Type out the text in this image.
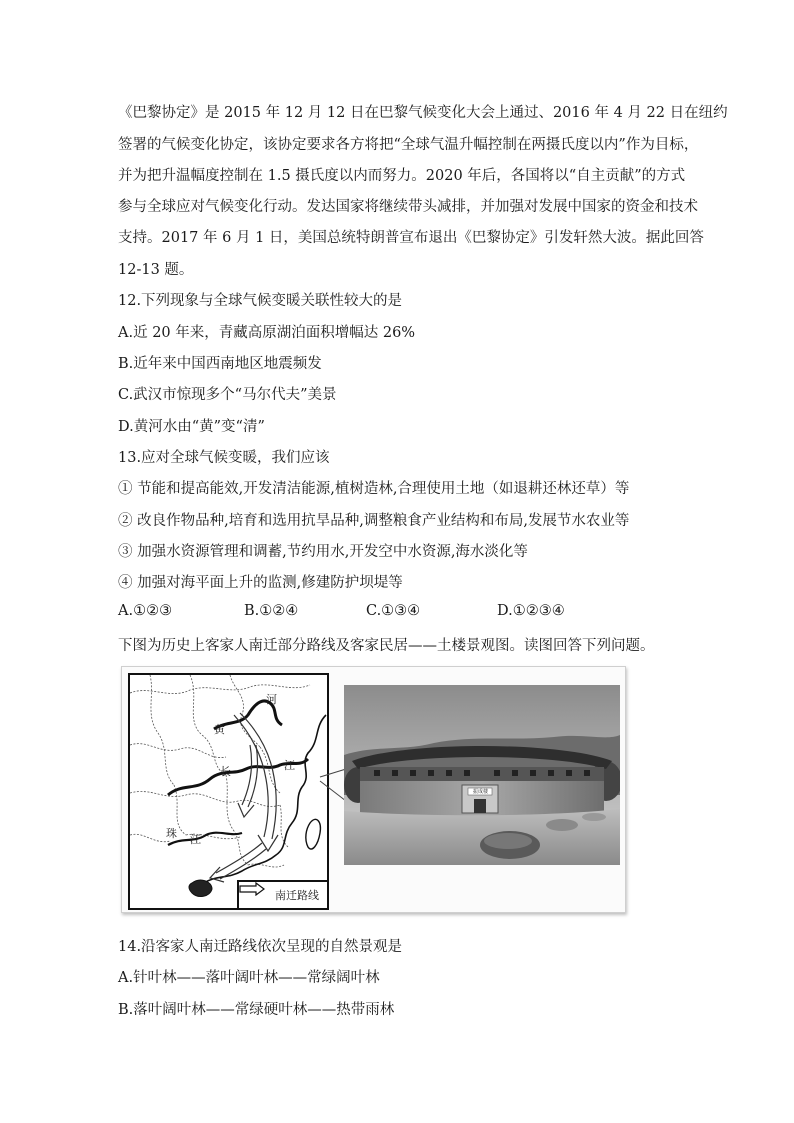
《巴黎协定》是 2015 年 12 月 12 日在巴黎气候变化大会上通过、2016 年 4 月 22 日在纽约
签署的气候变化协定，该协定要求各方将把“全球气温升幅控制在两摄氏度以内”作为目标，
并为把升温幅度控制在 1.5 摄氏度以内而努力。2020 年后，各国将以“自主贡献”的方式
参与全球应对气候变化行动。发达国家将继续带头减排，并加强对发展中国家的资金和技术
支持。2017 年 6 月 1 日，美国总统特朗普宣布退出《巴黎协定》引发轩然大波。据此回答
12-13 题。
12.下列现象与全球气候变暖关联性较大的是
A.近 20 年来，青藏高原湖泊面积增幅达 26%
B.近年来中国西南地区地震频发
C.武汉市惊现多个“马尔代夫”美景
D.黄河水由“黄”变“清”
13.应对全球气候变暖，我们应该
① 节能和提高能效,开发清洁能源,植树造林,合理使用土地（如退耕还林还草）等
② 改良作物品种,培育和选用抗旱品种,调整粮食产业结构和布局,发展节水农业等
③ 加强水资源管理和调蓄,节约用水,开发空中水资源,海水淡化等
④ 加强对海平面上升的监测,修建防护坝堤等
A.①②③	B.①②④	C.①③④	D.①②③④
下图为历史上客家人南迁部分路线及客家民居——土楼景观图。读图回答下列问题。
河
黄
长	江
珠 江
南迁路线
振成楼
14.沿客家人南迁路线依次呈现的自然景观是
A.针叶林——落叶阔叶林——常绿阔叶林
B.落叶阔叶林——常绿硬叶林——热带雨林
